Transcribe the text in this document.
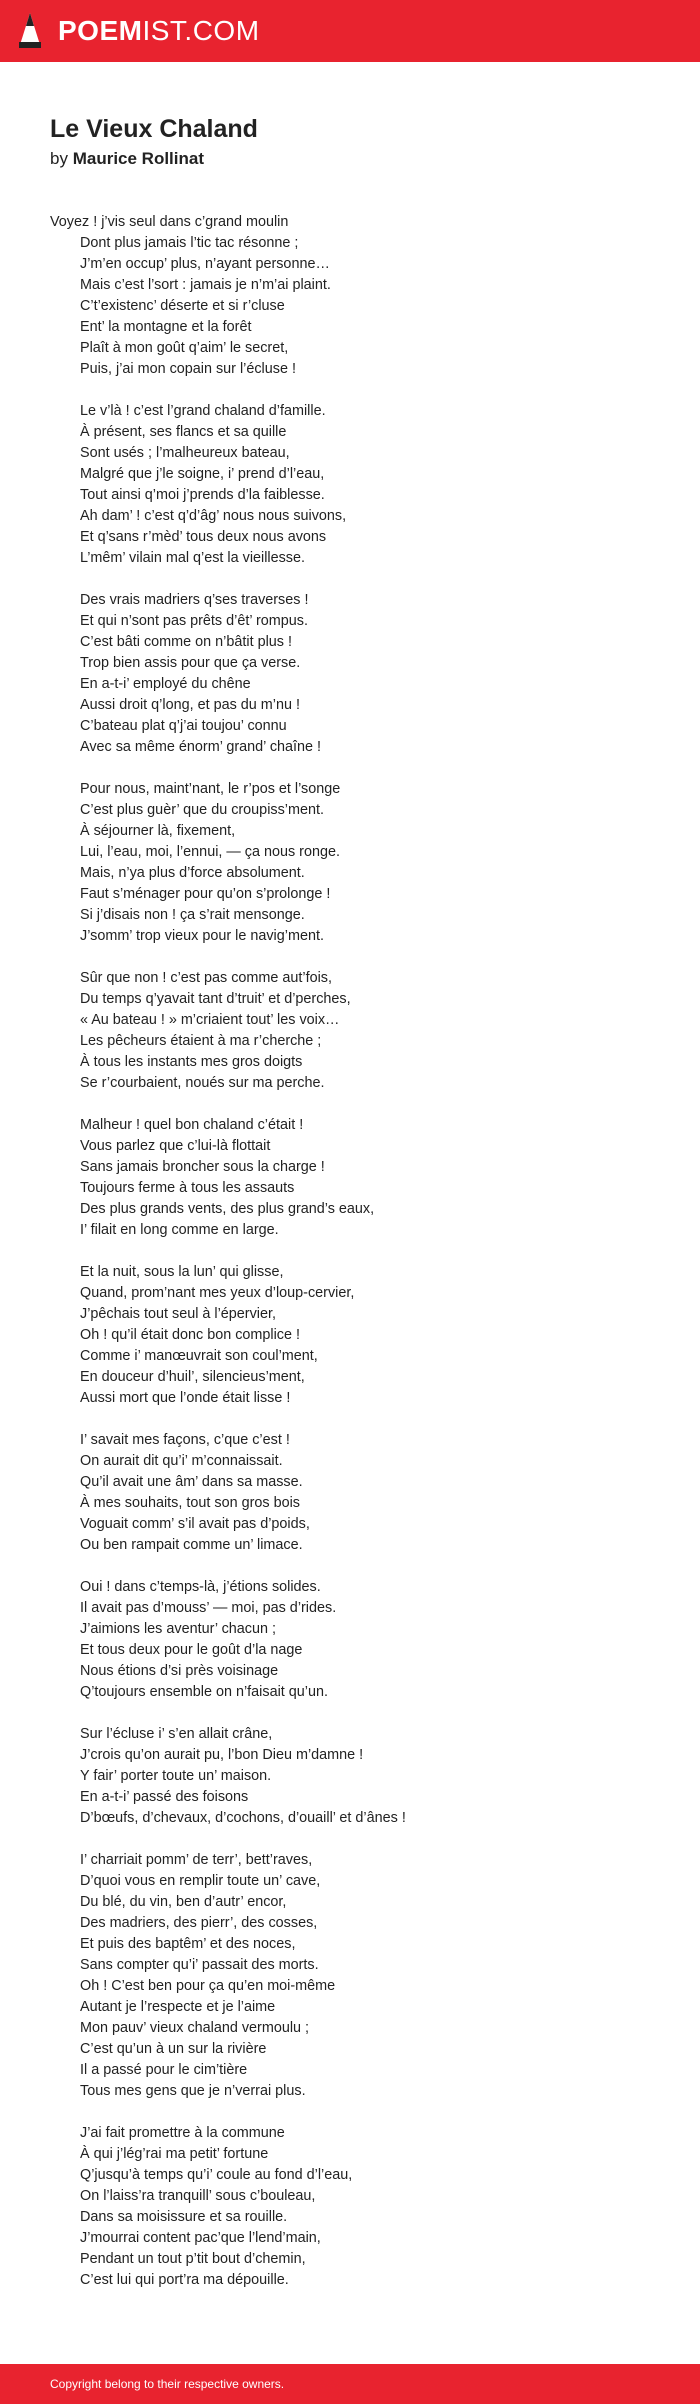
POEMIST.COM
Le Vieux Chaland
by Maurice Rollinat
Voyez ! j’vis seul dans c’grand moulin
Dont plus jamais l’tic tac résonne ;
J’m’en occup’ plus, n’ayant personne…
Mais c’est l’sort : jamais je n’m’ai plaint.
C’t’existenc’ déserte et si r’cluse
Ent’ la montagne et la forêt
Plaît à mon goût q’aim’ le secret,
Puis, j’ai mon copain sur l’écluse !
Le v’là ! c’est l’grand chaland d’famille.
À présent, ses flancs et sa quille
Sont usés ; l’malheureux bateau,
Malgré que j’le soigne, i’ prend d’l’eau,
Tout ainsi q’moi j’prends d’la faiblesse.
Ah dam’ ! c’est q’d’âg’ nous nous suivons,
Et q’sans r’mèd’ tous deux nous avons
L’mêm’ vilain mal q’est la vieillesse.
Des vrais madriers q’ses traverses !
Et qui n’sont pas prêts d’êt’ rompus.
C’est bâti comme on n’bâtit plus !
Trop bien assis pour que ça verse.
En a-t-i’ employé du chêne
Aussi droit q’long, et pas du m’nu !
C’bateau plat q’j’ai toujou’ connu
Avec sa même énorm’ grand’ chaîne !
Pour nous, maint’nant, le r’pos et l’songe
C’est plus guèr’ que du croupiss’ment.
À séjourner là, fixement,
Lui, l’eau, moi, l’ennui, — ça nous ronge.
Mais, n’ya plus d’force absolument.
Faut s’ménager pour qu’on s’prolonge !
Si j’disais non ! ça s’rait mensonge.
J’somm’ trop vieux pour le navig’ment.
Sûr que non ! c’est pas comme aut’fois,
Du temps q’yavait tant d’truit’ et d’perches,
« Au bateau ! » m’criaient tout’ les voix…
Les pêcheurs étaient à ma r’cherche ;
À tous les instants mes gros doigts
Se r’courbaient, noués sur ma perche.
Malheur ! quel bon chaland c’était !
Vous parlez que c’lui-là flottait
Sans jamais broncher sous la charge !
Toujours ferme à tous les assauts
Des plus grands vents, des plus grand’s eaux,
I’ filait en long comme en large.
Et la nuit, sous la lun’ qui glisse,
Quand, prom’nant mes yeux d’loup-cervier,
J’pêchais tout seul à l’épervier,
Oh ! qu’il était donc bon complice !
Comme i’ manœuvrait son coul’ment,
En douceur d’huil’, silencieus’ment,
Aussi mort que l’onde était lisse !
I’ savait mes façons, c’que c’est !
On aurait dit qu’i’ m’connaissait.
Qu’il avait une âm’ dans sa masse.
À mes souhaits, tout son gros bois
Voguait comm’ s’il avait pas d’poids,
Ou ben rampait comme un’ limace.
Oui ! dans c’temps-là, j’étions solides.
Il avait pas d’mouss’ — moi, pas d’rides.
J’aimions les aventur’ chacun ;
Et tous deux pour le goût d’la nage
Nous étions d’si près voisinage
Q’toujours ensemble on n’faisait qu’un.
Sur l’écluse i’ s’en allait crâne,
J’crois qu’on aurait pu, l’bon Dieu m’damne !
Y fair’ porter toute un’ maison.
En a-t-i’ passé des foisons
D’bœufs, d’chevaux, d’cochons, d’ouaill’ et d’ânes !
I’ charriait pomm’ de terr’, bett’raves,
D’quoi vous en remplir toute un’ cave,
Du blé, du vin, ben d’autr’ encor,
Des madriers, des pierr’, des cosses,
Et puis des baptêm’ et des noces,
Sans compter qu’i’ passait des morts.
Oh ! C’est ben pour ça qu’en moi-même
Autant je l’respecte et je l’aime
Mon pauv’ vieux chaland vermoulu ;
C’est qu’un à un sur la rivière
Il a passé pour le cim’tière
Tous mes gens que je n’verrai plus.
J’ai fait promettre à la commune
À qui j’lég’rai ma petit’ fortune
Q’jusqu’à temps qu’i’ coule au fond d’l’eau,
On l’laiss’ra tranquill’ sous c’bouleau,
Dans sa moisissure et sa rouille.
J’mourrai content pac’que l’lend’main,
Pendant un tout p’tit bout d’chemin,
C’est lui qui port’ra ma dépouille.
Copyright belong to their respective owners.
